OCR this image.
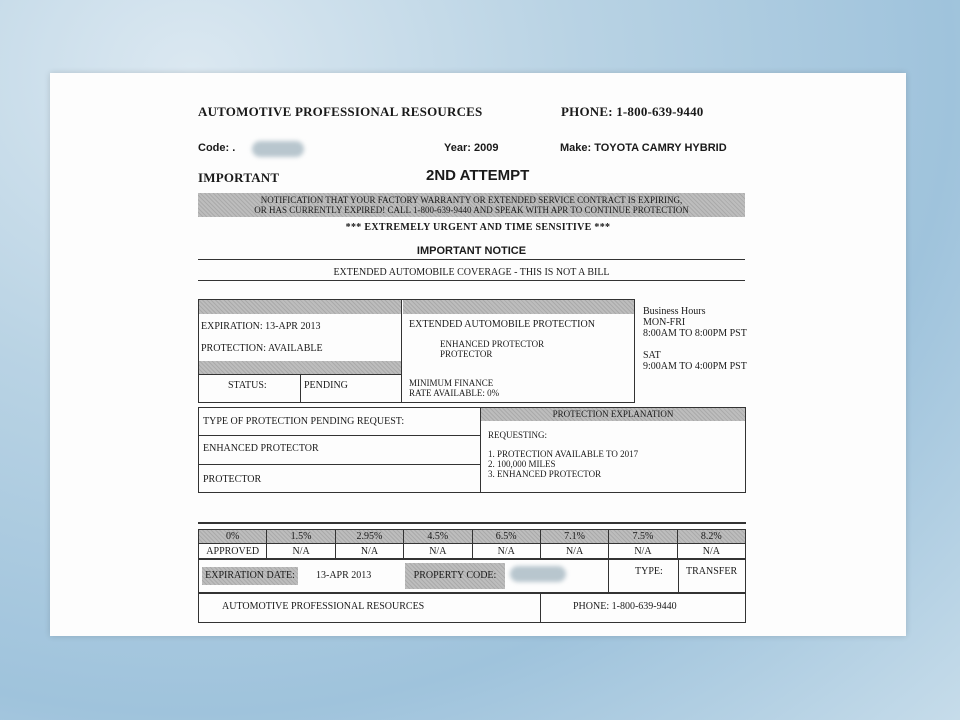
AUTOMOTIVE PROFESSIONAL RESOURCES	PHONE: 1-800-639-9440
Code: .	Year: 2009	Make: TOYOTA CAMRY HYBRID
IMPORTANT	2ND ATTEMPT
NOTIFICATION THAT YOUR FACTORY WARRANTY OR EXTENDED SERVICE CONTRACT IS EXPIRING,
OR HAS CURRENTLY EXPIRED! CALL 1-800-639-9440 AND SPEAK WITH APR TO CONTINUE PROTECTION
*** EXTREMELY URGENT AND TIME SENSITIVE ***
IMPORTANT NOTICE
EXTENDED AUTOMOBILE COVERAGE - THIS IS NOT A BILL
EXPIRATION: 13-APR 2013
PROTECTION: AVAILABLE
STATUS:	PENDING
EXTENDED AUTOMOBILE PROTECTION
ENHANCED PROTECTOR
PROTECTOR
MINIMUM FINANCE
RATE AVAILABLE: 0%
Business Hours
MON-FRI
8:00AM TO 8:00PM PST
SAT
9:00AM TO 4:00PM PST
TYPE OF PROTECTION PENDING REQUEST:
ENHANCED PROTECTOR
PROTECTOR
PROTECTION EXPLANATION
REQUESTING:
1. PROTECTION AVAILABLE TO 2017
2. 100,000 MILES
3. ENHANCED PROTECTOR
0%	1.5%	2.95%	4.5%	6.5%	7.1%	7.5%	8.2%
APPROVED	N/A	N/A	N/A	N/A	N/A	N/A	N/A
EXPIRATION DATE:	13-APR 2013	PROPERTY CODE:	TYPE: TRANSFER
AUTOMOTIVE PROFESSIONAL RESOURCES	PHONE: 1-800-639-9440
